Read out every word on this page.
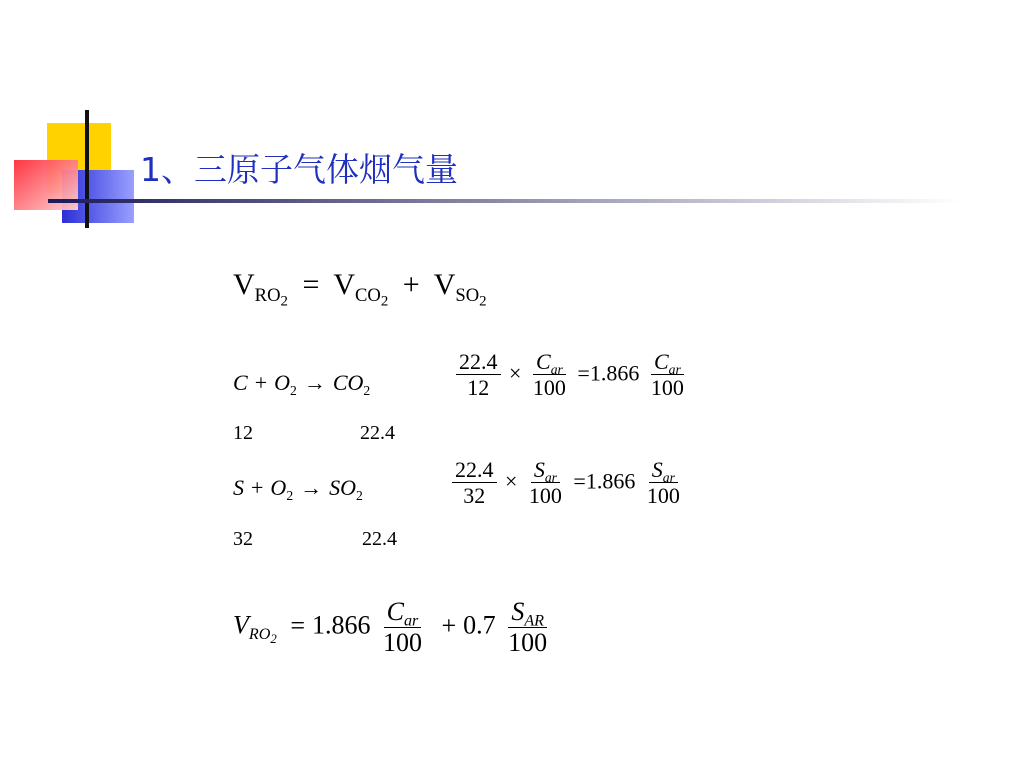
1、三原子气体烟气量
$V_{RO_2} = V_{CO_2} + V_{SO_2}$
$C + O_2 \to CO_2$	$\frac{22.4}{12} \times \frac{C_{ar}}{100} =1.866 \frac{C_{ar}}{100}$
12	22.4
$S + O_2 \to SO_2$	$\frac{22.4}{32} \times \frac{S_{ar}}{100} =1.866 \frac{S_{ar}}{100}$
32	22.4
$V_{RO_2} = 1.866 \frac{C_{ar}}{100} + 0.7 \frac{S_{AR}}{100}$
